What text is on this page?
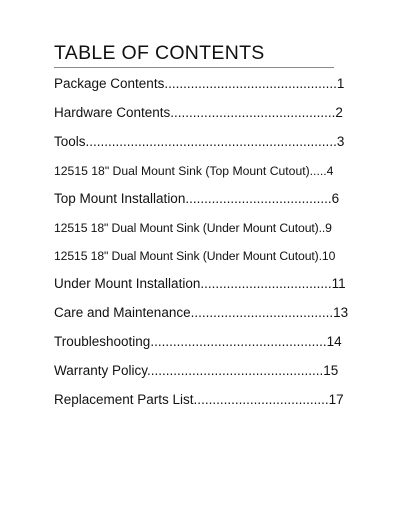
TABLE OF CONTENTS
Package Contents..............................................1
Hardware Contents............................................2
Tools...................................................................3
12515 18" Dual Mount Sink (Top Mount Cutout).....4
Top Mount Installation.......................................6
12515 18" Dual Mount Sink (Under Mount Cutout)..9
12515 18" Dual Mount Sink (Under Mount Cutout).10
Under Mount Installation...................................11
Care and Maintenance......................................13
Troubleshooting...............................................14
Warranty Policy...............................................15
Replacement Parts List....................................17
